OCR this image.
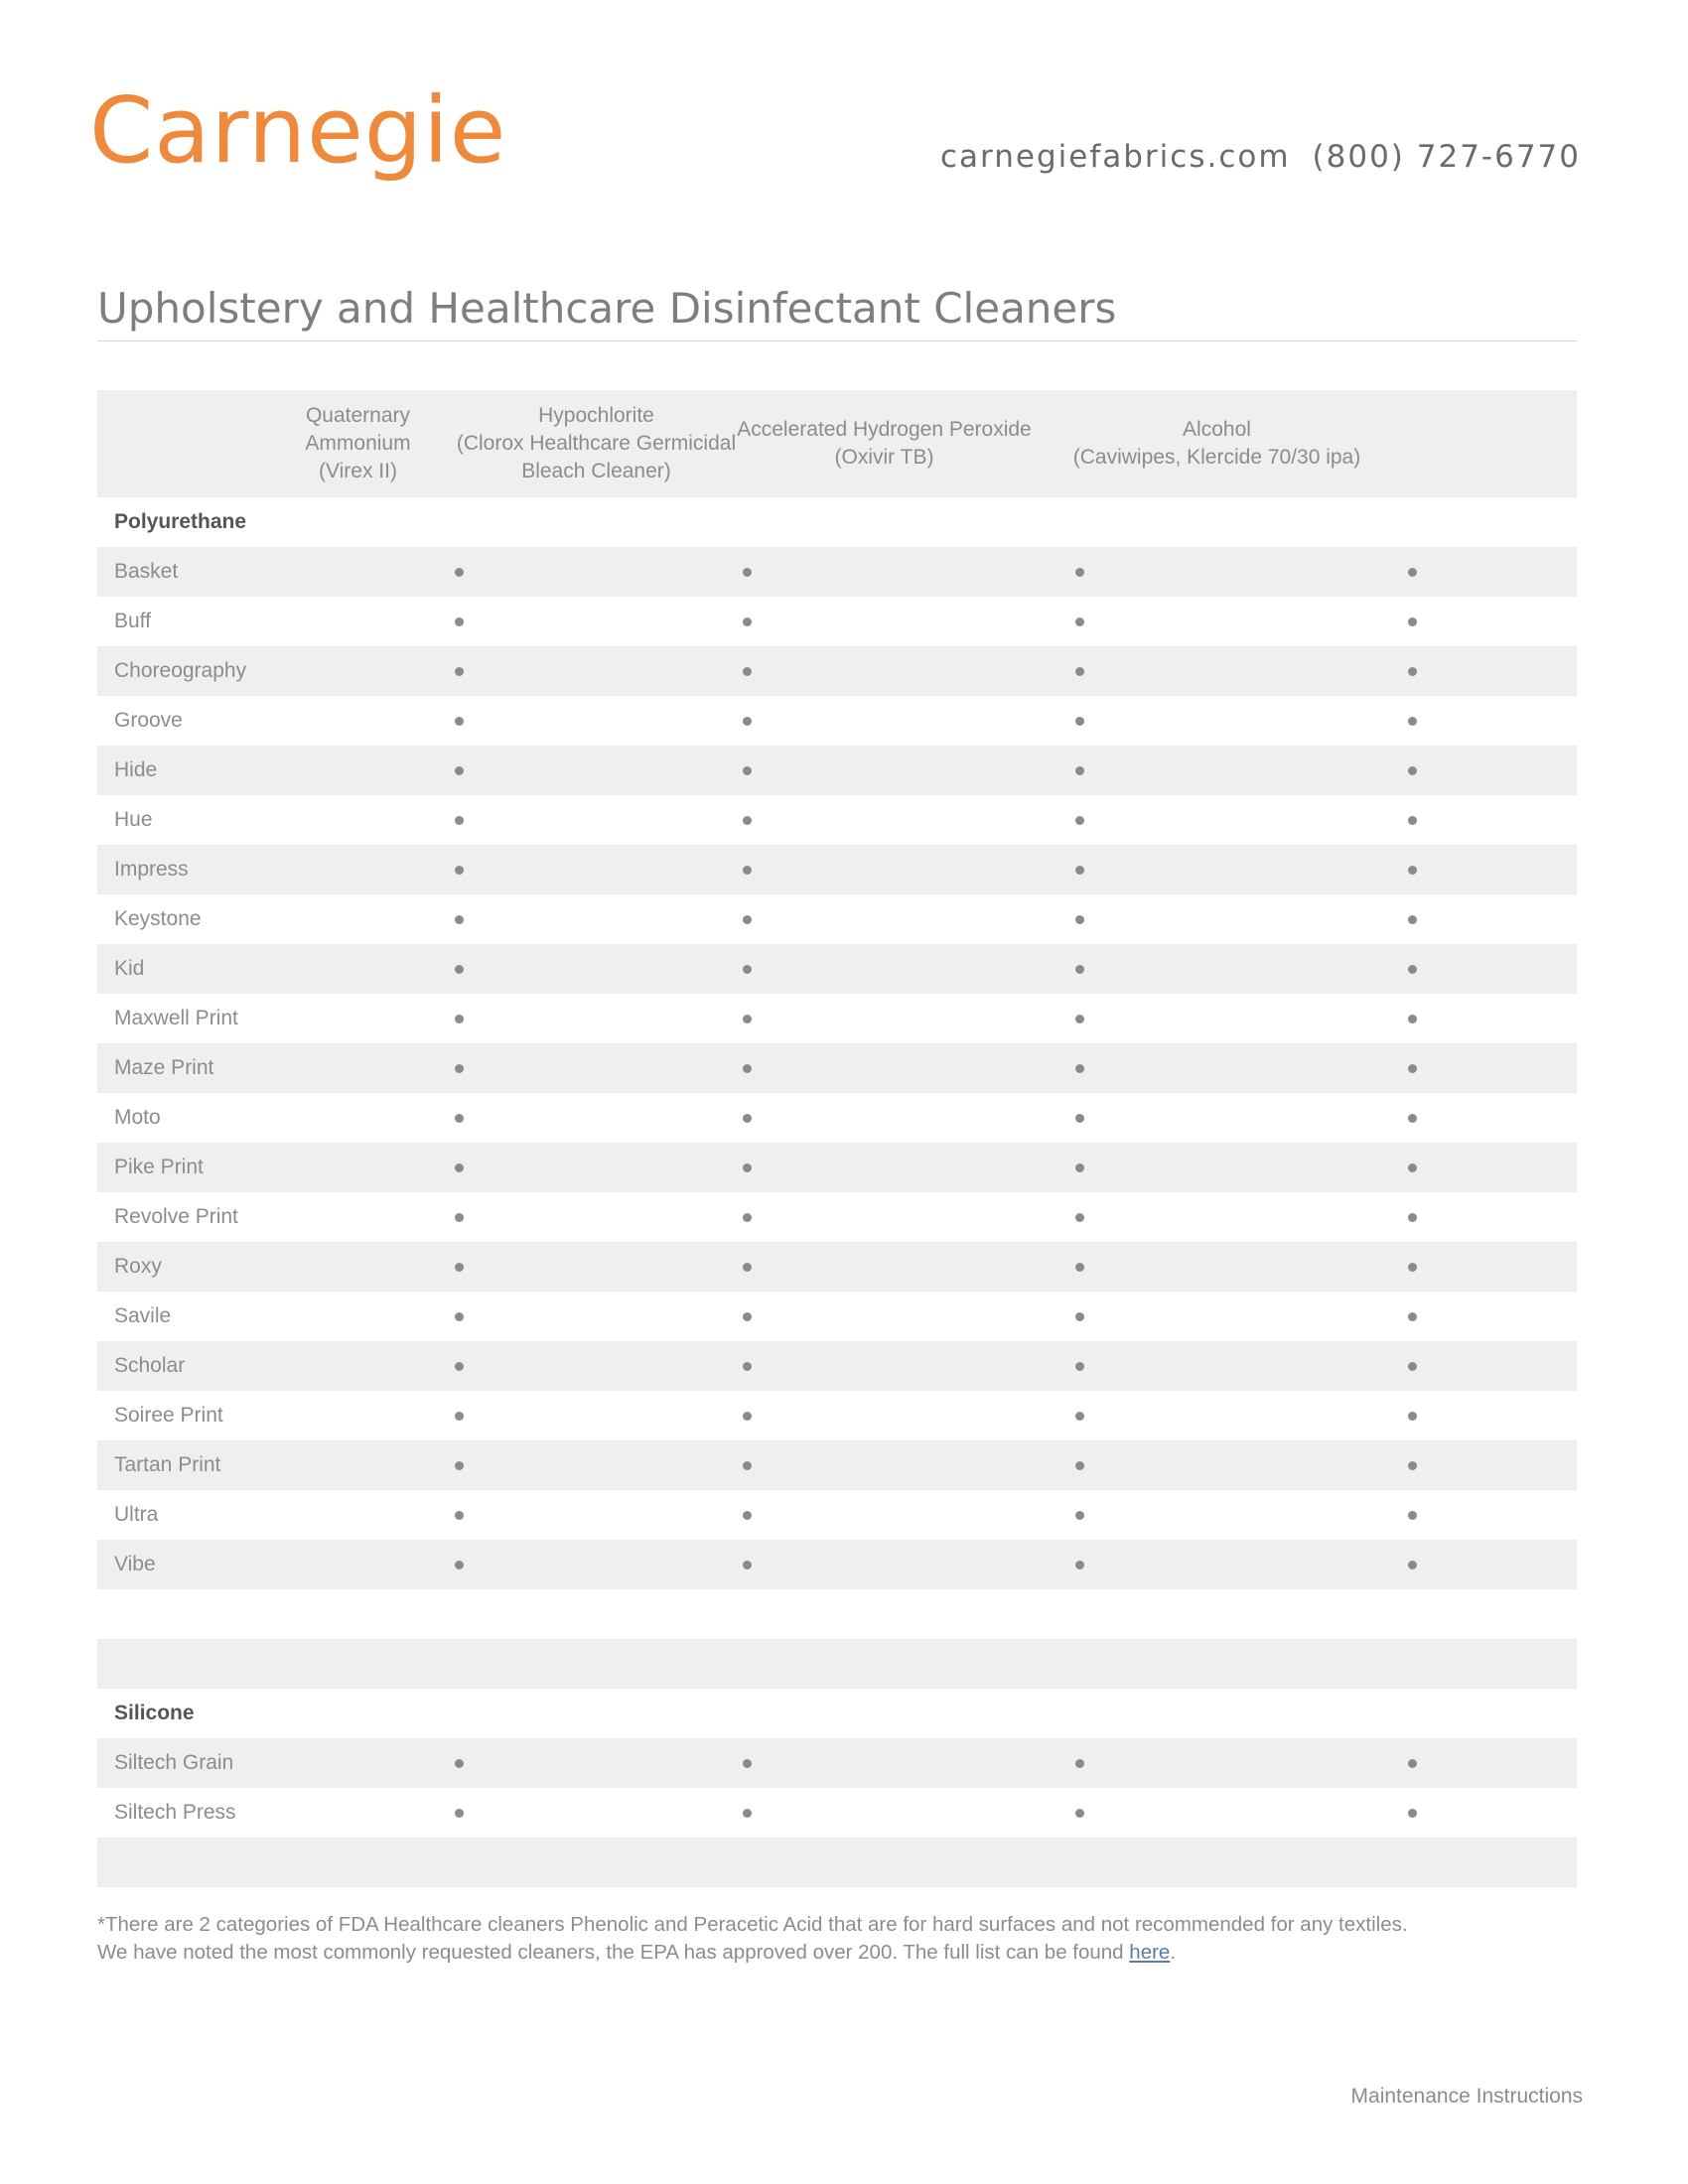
Carnegie	carnegiefabrics.com (800) 727-6770
Upholstery and Healthcare Disinfectant Cleaners
Quaternary Ammonium
(Virex II)
Hypochlorite
(Clorox Healthcare Germicidal
Bleach Cleaner)
Accelerated Hydrogen Peroxide
(Oxivir TB)
Alcohol
(Caviwipes, Klercide 70/30 ipa)
Polyurethane
Basket
Buff
Choreography
Groove
Hide
Hue
Impress
Keystone
Kid
Maxwell Print
Maze Print
Moto
Pike Print
Revolve Print
Roxy
Savile
Scholar
Soiree Print
Tartan Print
Ultra
Vibe
Silicone
Siltech Grain
Siltech Press
*There are 2 categories of FDA Healthcare cleaners Phenolic and Peracetic Acid that are for hard surfaces and not recommended for any textiles.
We have noted the most commonly requested cleaners, the EPA has approved over 200. The full list can be found here.
Maintenance Instructions
